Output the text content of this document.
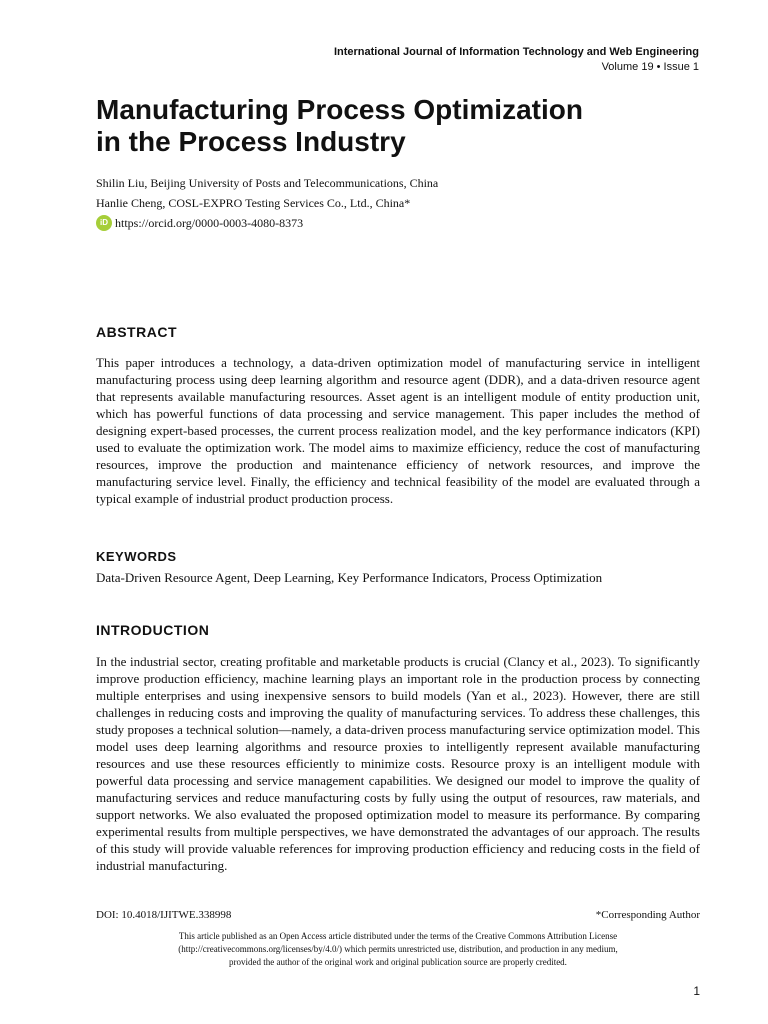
International Journal of Information Technology and Web Engineering
Volume 19 • Issue 1
Manufacturing Process Optimization
in the Process Industry
Shilin Liu, Beijing University of Posts and Telecommunications, China
Hanlie Cheng, COSL-EXPRO Testing Services Co., Ltd., China*
iD https://orcid.org/0000-0003-4080-8373
ABSTRACT

This paper introduces a technology, a data-driven optimization model of manufacturing service in intelligent manufacturing process using deep learning algorithm and resource agent (DDR), and a data-driven resource agent that represents available manufacturing resources. Asset agent is an intelligent module of entity production unit, which has powerful functions of data processing and service management. This paper includes the method of designing expert-based processes, the current process realization model, and the key performance indicators (KPI) used to evaluate the optimization work. The model aims to maximize efficiency, reduce the cost of manufacturing resources, improve the production and maintenance efficiency of network resources, and improve the manufacturing service level. Finally, the efficiency and technical feasibility of the model are evaluated through a typical example of industrial product production process.

KEYWORDS

Data-Driven Resource Agent, Deep Learning, Key Performance Indicators, Process Optimization

INTRODUCTION

In the industrial sector, creating profitable and marketable products is crucial (Clancy et al., 2023). To significantly improve production efficiency, machine learning plays an important role in the production process by connecting multiple enterprises and using inexpensive sensors to build models (Yan et al., 2023). However, there are still challenges in reducing costs and improving the quality of manufacturing services. To address these challenges, this study proposes a technical solution—namely, a data-driven process manufacturing service optimization model. This model uses deep learning algorithms and resource proxies to intelligently represent available manufacturing resources and use these resources efficiently to minimize costs. Resource proxy is an intelligent module with powerful data processing and service management capabilities. We designed our model to improve the quality of manufacturing services and reduce manufacturing costs by fully using the output of resources, raw materials, and support networks. We also evaluated the proposed optimization model to measure its performance. By comparing experimental results from multiple perspectives, we have demonstrated the advantages of our approach. The results of this study will provide valuable references for improving production efficiency and reducing costs in the field of industrial manufacturing.

DOI: 10.4018/IJITWE.338998	*Corresponding Author
This article published as an Open Access article distributed under the terms of the Creative Commons Attribution License
(http://creativecommons.org/licenses/by/4.0/) which permits unrestricted use, distribution, and production in any medium,
provided the author of the original work and original publication source are properly credited.
1
